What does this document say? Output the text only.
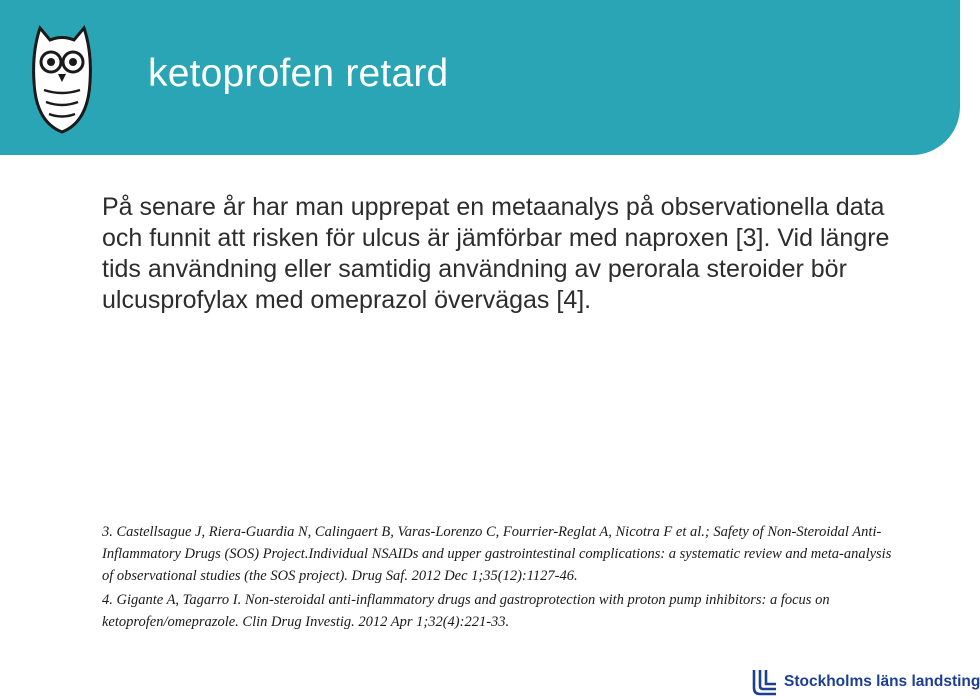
ketoprofen retard

På senare år har man upprepat en metaanalys på observationella data och funnit att risken för ulcus är jämförbar med naproxen [3]. Vid längre tids användning eller samtidig användning av perorala steroider bör ulcusprofylax med omeprazol övervägas [4].

3. Castellsague J, Riera-Guardia N, Calingaert B, Varas-Lorenzo C, Fourrier-Reglat A, Nicotra F et al.; Safety of Non-Steroidal Anti-Inflammatory Drugs (SOS) Project.Individual NSAIDs and upper gastrointestinal complications: a systematic review and meta-analysis of observational studies (the SOS project). Drug Saf. 2012 Dec 1;35(12):1127-46.

4. Gigante A, Tagarro I. Non-steroidal anti-inflammatory drugs and gastroprotection with proton pump inhibitors: a focus on ketoprofen/omeprazole. Clin Drug Investig. 2012 Apr 1;32(4):221-33.

Stockholms läns landsting
